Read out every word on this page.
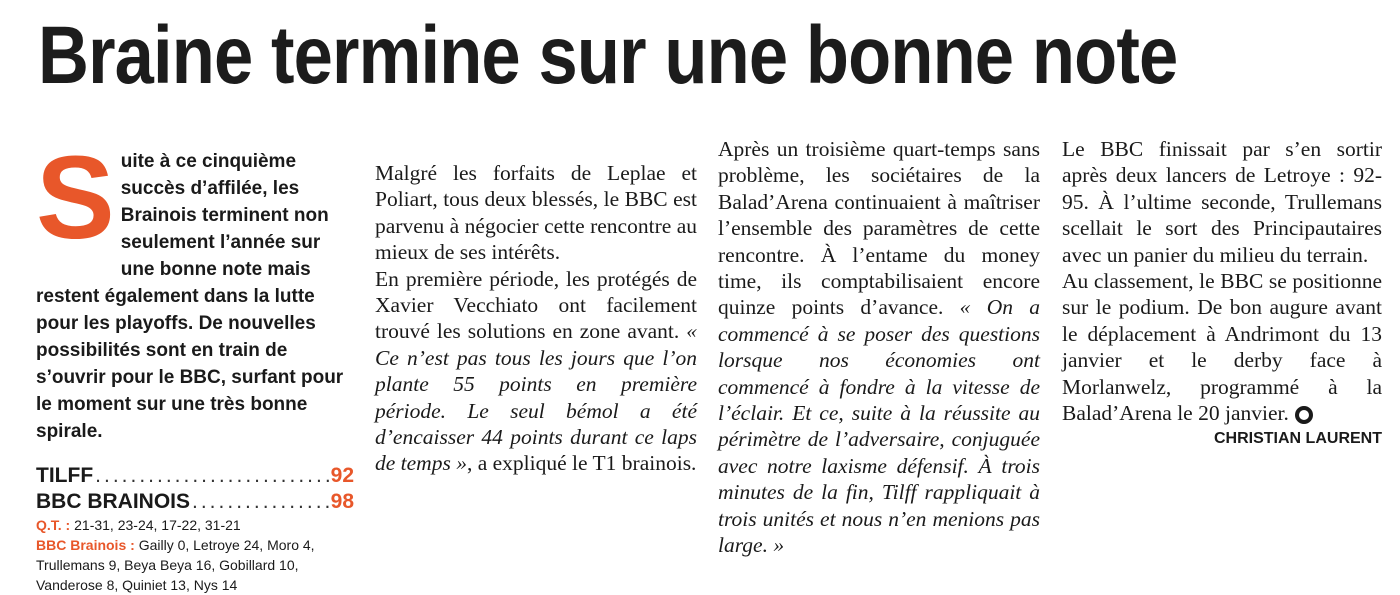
Braine termine sur une bonne note
Suite à ce cinquième succès d’affilée, les Brainois terminent non seulement l’année sur une bonne note mais restent également dans la lutte pour les playoffs. De nouvelles possibilités sont en train de s’ouvrir pour le BBC, surfant pour le moment sur une très bonne spirale.
TILFF .....	92
BBC BRAINOIS .....	98

Q.T. : 21-31, 23-24, 17-22, 31-21

BBC Brainois : Gailly 0, Letroye 24, Moro 4, Trullemans 9, Beya Beya 16, Gobillard 10, Vanderose 8, Quiniet 13, Nys 14

Malgré les forfaits de Leplae et Poliart, tous deux blessés, le BBC est parvenu à négocier cette rencontre au mieux de ses intérêts.

En première période, les protégés de Xavier Vecchiato ont facilement trouvé les solutions en zone avant. « Ce n’est pas tous les jours que l’on plante 55 points en première période. Le seul bémol a été d’encaisser 44 points durant ce laps de temps », a expliqué le T1 brainois.

Après un troisième quart-temps sans problème, les sociétaires de la Balad’Arena continuaient à maîtriser l’ensemble des paramètres de cette rencontre. À l’entame du money time, ils comptabilisaient encore quinze points d’avance. « On a commencé à se poser des questions lorsque nos économies ont commencé à fondre à la vitesse de l’éclair. Et ce, suite à la réussite au périmètre de l’adversaire, conjuguée avec notre laxisme défensif. À trois minutes de la fin, Tilff rappliquait à trois unités et nous n’en menions pas large. »

Le BBC finissait par s’en sortir après deux lancers de Letroye : 92-95. À l’ultime seconde, Trullemans scellait le sort des Principautaires avec un panier du milieu du terrain.

Au classement, le BBC se positionne sur le podium. De bon augure avant le déplacement à Andrimont du 13 janvier et le derby face à Morlanwelz, programmé à la Balad’Arena le 20 janvier.

CHRISTIAN LAURENT
